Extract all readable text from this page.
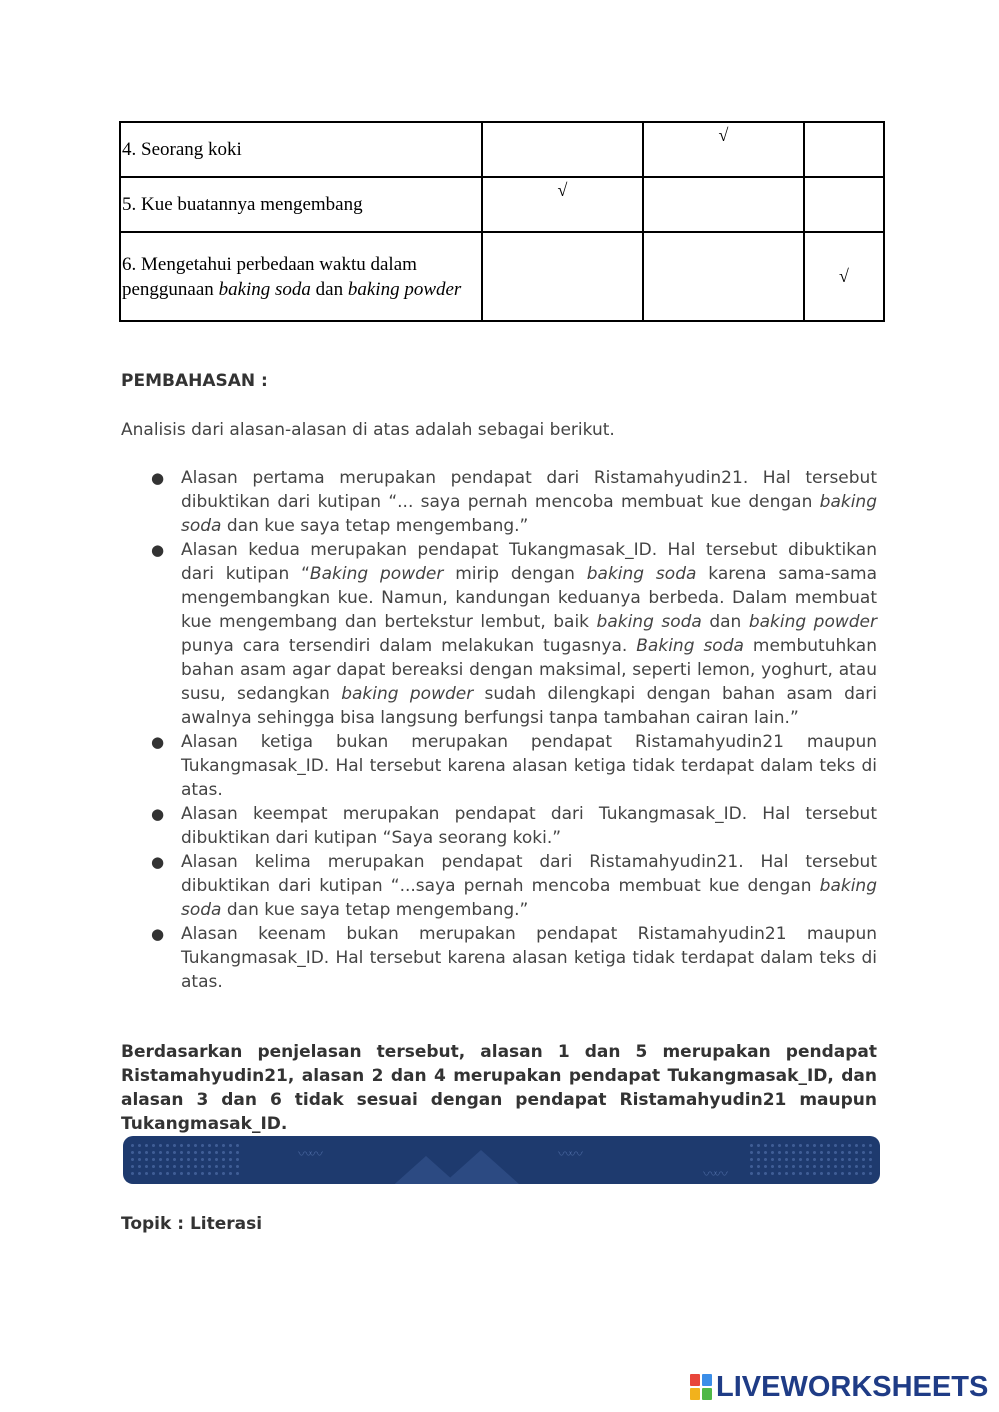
4. Seorang koki		√	
5. Kue buatannya mengembang	√		
6. Mengetahui perbedaan waktu dalam penggunaan baking soda dan baking powder			√
PEMBAHASAN :
Analisis dari alasan-alasan di atas adalah sebagai berikut.
● Alasan pertama merupakan pendapat dari Ristamahyudin21. Hal tersebut dibuktikan dari kutipan “... saya pernah mencoba membuat kue dengan baking soda dan kue saya tetap mengembang.”
● Alasan kedua merupakan pendapat Tukangmasak_ID. Hal tersebut dibuktikan dari kutipan “Baking powder mirip dengan baking soda karena sama-sama mengembangkan kue. Namun, kandungan keduanya berbeda. Dalam membuat kue mengembang dan bertekstur lembut, baik baking soda dan baking powder punya cara tersendiri dalam melakukan tugasnya. Baking soda membutuhkan bahan asam agar dapat bereaksi dengan maksimal, seperti lemon, yoghurt, atau susu, sedangkan baking powder sudah dilengkapi dengan bahan asam dari awalnya sehingga bisa langsung berfungsi tanpa tambahan cairan lain.”
● Alasan ketiga bukan merupakan pendapat Ristamahyudin21 maupun Tukangmasak_ID. Hal tersebut karena alasan ketiga tidak terdapat dalam teks di atas.
● Alasan keempat merupakan pendapat dari Tukangmasak_ID. Hal tersebut dibuktikan dari kutipan “Saya seorang koki.”
● Alasan kelima merupakan pendapat dari Ristamahyudin21. Hal tersebut dibuktikan dari kutipan “...saya pernah mencoba membuat kue dengan baking soda dan kue saya tetap mengembang.”
● Alasan keenam bukan merupakan pendapat Ristamahyudin21 maupun Tukangmasak_ID. Hal tersebut karena alasan ketiga tidak terdapat dalam teks di atas.
Berdasarkan penjelasan tersebut, alasan 1 dan 5 merupakan pendapat Ristamahyudin21, alasan 2 dan 4 merupakan pendapat Tukangmasak_ID, dan alasan 3 dan 6 tidak sesuai dengan pendapat Ristamahyudin21 maupun Tukangmasak_ID.
〰〰	〰〰
〰〰
Topik : Literasi
LIVEWORKSHEETS
